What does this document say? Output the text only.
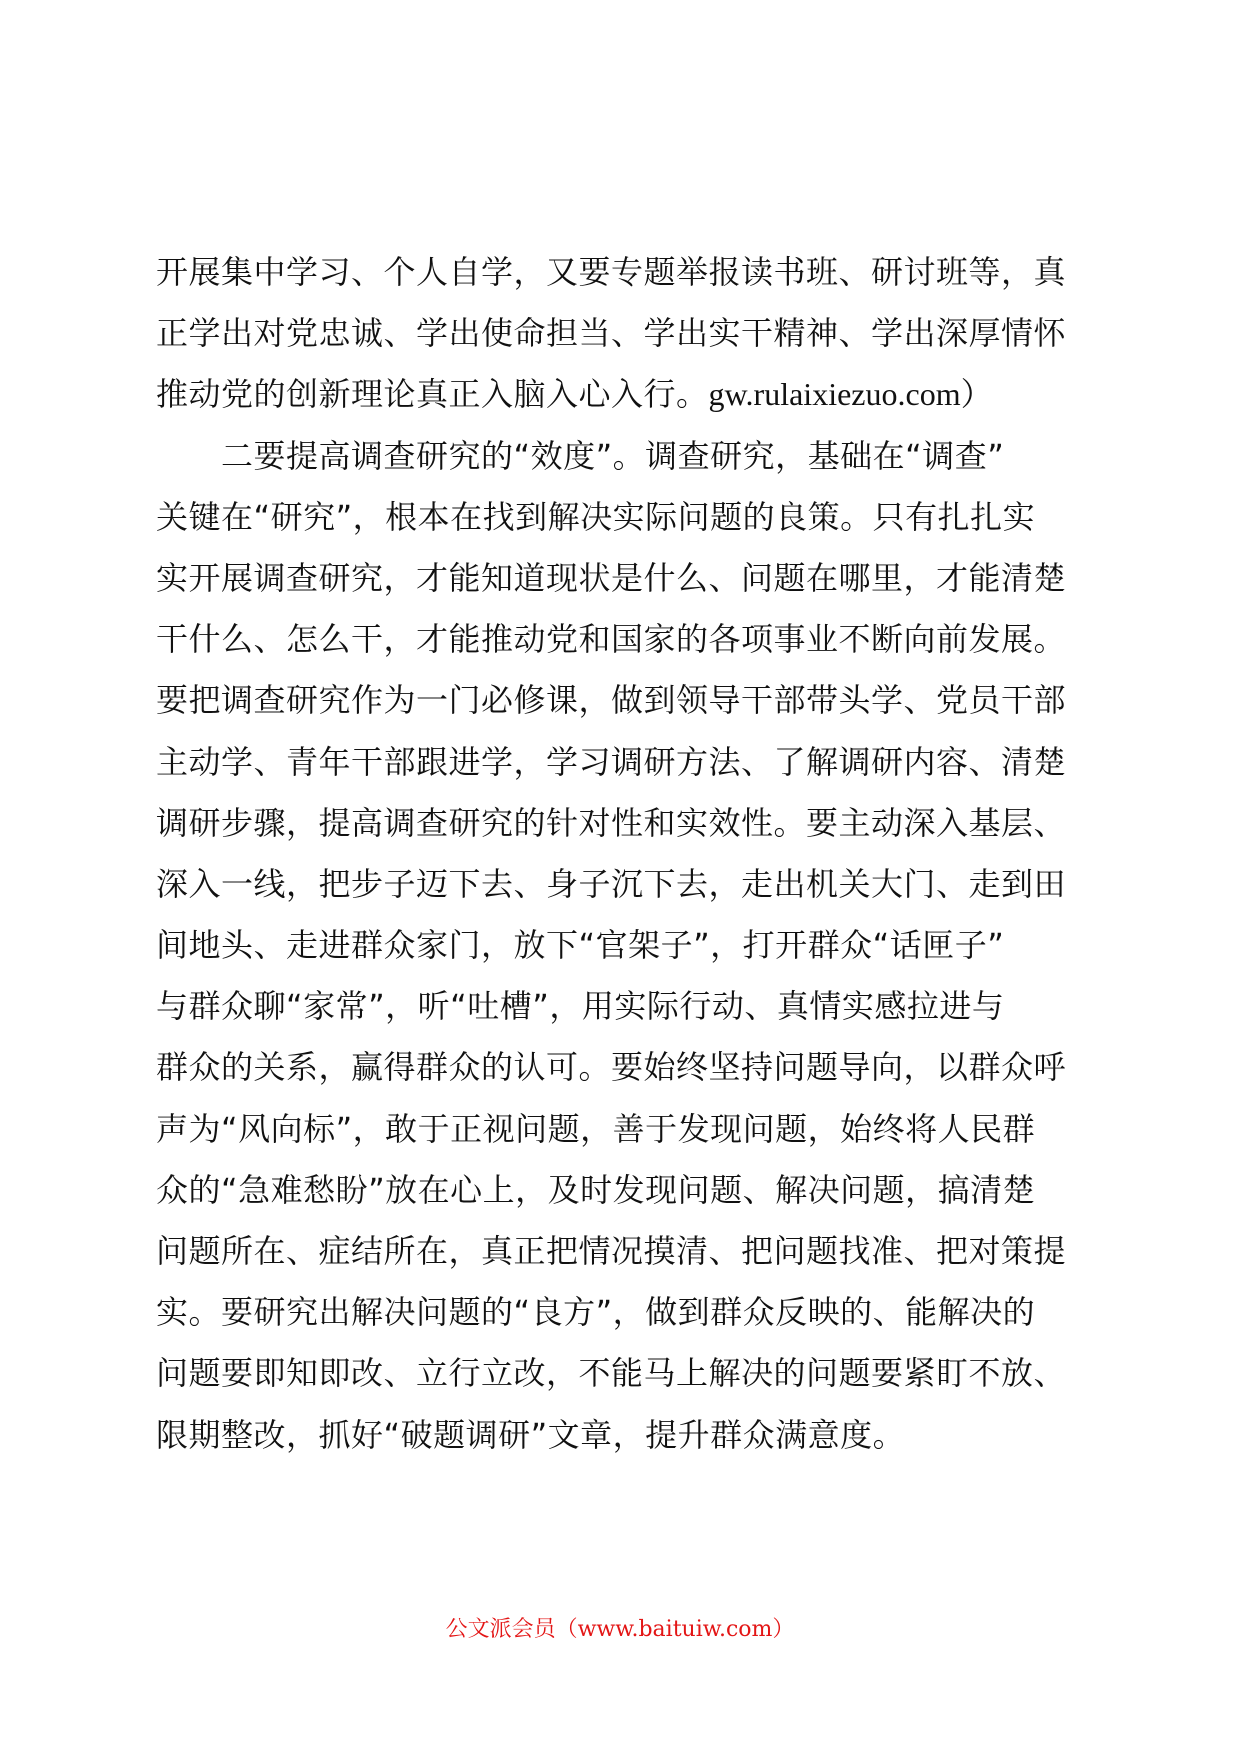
开展集中学习、个人自学，又要专题举报读书班、研讨班等，真
正学出对党忠诚、学出使命担当、学出实干精神、学出深厚情怀
推动党的创新理论真正入脑入心入行。gw.rulaixiezuo.com）
　　二要提高调查研究的“效度”。调查研究，基础在“调查”
关键在“研究”，根本在找到解决实际问题的良策。只有扎扎实
实开展调查研究，才能知道现状是什么、问题在哪里，才能清楚
干什么、怎么干，才能推动党和国家的各项事业不断向前发展。
要把调查研究作为一门必修课，做到领导干部带头学、党员干部
主动学、青年干部跟进学，学习调研方法、了解调研内容、清楚
调研步骤，提高调查研究的针对性和实效性。要主动深入基层、
深入一线，把步子迈下去、身子沉下去，走出机关大门、走到田
间地头、走进群众家门，放下“官架子”，打开群众“话匣子”
与群众聊“家常”，听“吐槽”，用实际行动、真情实感拉进与
群众的关系，赢得群众的认可。要始终坚持问题导向，以群众呼
声为“风向标”，敢于正视问题，善于发现问题，始终将人民群
众的“急难愁盼”放在心上，及时发现问题、解决问题，搞清楚
问题所在、症结所在，真正把情况摸清、把问题找准、把对策提
实。要研究出解决问题的“良方”，做到群众反映的、能解决的
问题要即知即改、立行立改，不能马上解决的问题要紧盯不放、
限期整改，抓好“破题调研”文章，提升群众满意度。
公文派会员（www.baituiw.com）
